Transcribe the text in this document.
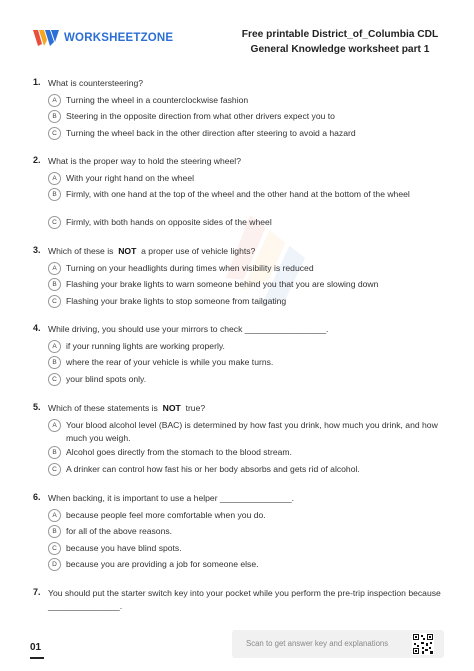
WORKSHEETZONE	Free printable District_of_Columbia CDL
General Knowledge worksheet part 1
1. What is countersteering?
A	Turning the wheel in a counterclockwise fashion
B	Steering in the opposite direction from what other drivers expect you to
C	Turning the wheel back in the other direction after steering to avoid a hazard
2. What is the proper way to hold the steering wheel?
A	With your right hand on the wheel
B	Firmly, with one hand at the top of the wheel and the other hand at the bottom of the wheel
C	Firmly, with both hands on opposite sides of the wheel
3. Which of these is NOT a proper use of vehicle lights?
A	Turning on your headlights during times when visibility is reduced
B	Flashing your brake lights to warn someone behind you that you are slowing down
C	Flashing your brake lights to stop someone from tailgating
4. While driving, you should use your mirrors to check _________________.
A	if your running lights are working properly.
B	where the rear of your vehicle is while you make turns.
C	your blind spots only.
5. Which of these statements is NOT true?
A	Your blood alcohol level (BAC) is determined by how fast you drink, how much you drink, and how much you weigh.
B	Alcohol goes directly from the stomach to the blood stream.
C	A drinker can control how fast his or her body absorbs and gets rid of alcohol.
6. When backing, it is important to use a helper _______________.
A	because people feel more comfortable when you do.
B	for all of the above reasons.
C	because you have blind spots.
D	because you are providing a job for someone else.
7. You should put the starter switch key into your pocket while you perform the pre-trip inspection because _______________.
01	Scan to get answer key and explanations
